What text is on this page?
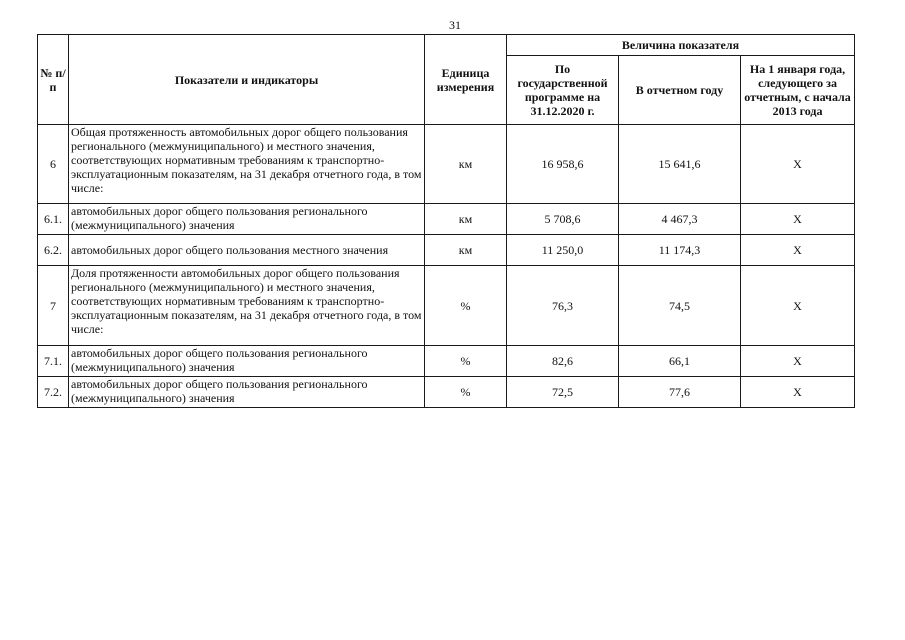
31
№ п/п	Показатели и индикаторы	Единица измерения	Величина показателя		
			По государственной программе на 31.12.2020 г.	В отчетном году	На 1 января года, следующего за отчетным, с начала 2013 года
6	Общая протяженность автомобильных дорог общего пользования регионального (межмуниципального) и местного значения, соответствующих нормативным требованиям к транспортно-эксплуатационным показателям, на 31 декабря отчетного года, в том числе:	км	16 958,6	15 641,6	Х
6.1.	автомобильных дорог общего пользования регионального (межмуниципального) значения	км	5 708,6	4 467,3	Х
6.2.	автомобильных дорог общего пользования местного значения	км	11 250,0	11 174,3	Х
7	Доля протяженности автомобильных дорог общего пользования регионального (межмуниципального) и местного значения, соответствующих нормативным требованиям к транспортно-эксплуатационным показателям, на 31 декабря отчетного года, в том числе:	%	76,3	74,5	Х
7.1.	автомобильных дорог общего пользования регионального (межмуниципального) значения	%	82,6	66,1	Х
7.2.	автомобильных дорог общего пользования регионального (межмуниципального) значения	%	72,5	77,6	Х
